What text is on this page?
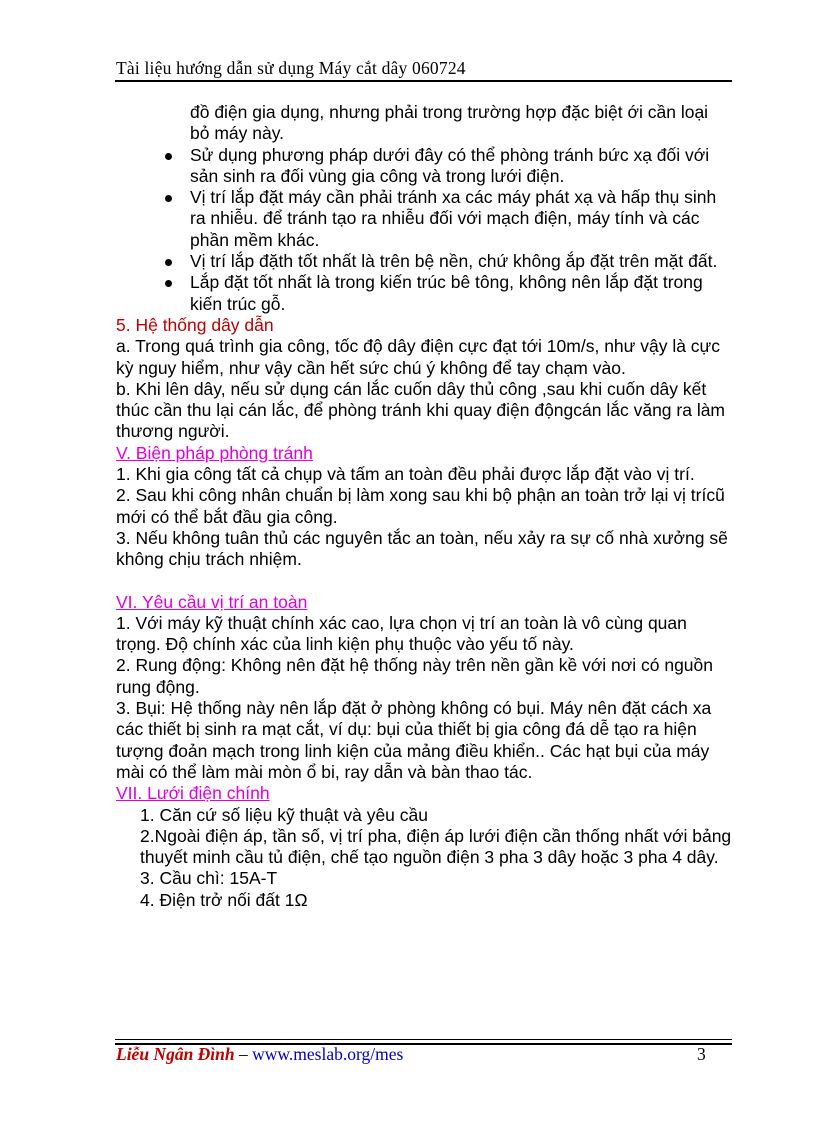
Tài liệu hướng dẫn sử dụng Máy cắt dây 060724

đồ điện gia dụng, nhưng phải trong trường hợp đặc biệt ới cần loại bỏ máy này.

Sử dụng phương pháp dưới đây có thể phòng tránh bức xạ đối với sản sinh ra đối vùng gia công và trong lưới điện.
Vị trí lắp đặt máy cần phải tránh xa các máy phát xạ và hấp thụ sinh ra nhiễu. để tránh tạo ra nhiễu đối với mạch điện, máy tính và các phần mềm khác.
Vị trí lắp đặth tốt nhất là trên bệ nền, chứ không ắp đặt trên mặt đất.
Lắp đặt tốt nhất là trong kiến trúc bê tông, không nên lắp đặt trong kiến trúc gỗ.

5. Hệ thống dây dẫn

a. Trong quá trình gia công, tốc độ dây điện cực đạt tới 10m/s, như vậy là cực kỳ nguy hiểm, như vậy cần hết sức chú ý không để tay chạm vào.

b. Khi lên dây, nếu sử dụng cán lắc cuốn dây thủ công ,sau khi cuốn dây kết thúc cần thu lại cán lắc, để phòng tránh khi quay điện độngcán lắc văng ra làm thương người.

V. Biện pháp phòng tránh

1. Khi gia công tất cả chụp và tấm an toàn đều phải được lắp đặt vào vị trí.

2. Sau khi công nhân chuẩn bị làm xong sau khi bộ phận an toàn trở lại vị trícũ mới có thể bắt đầu gia công.

3. Nếu không tuân thủ các nguyên tắc an toàn, nếu xảy ra sự cố nhà xưởng sẽ không chịu trách nhiệm.

VI. Yêu cầu vị trí an toàn

1. Với máy kỹ thuật chính xác cao, lựa chọn vị trí an toàn là vô cùng quan trọng. Độ chính xác của linh kiện phụ thuộc vào yếu tố này.

2. Rung động: Không nên đặt hệ thống này trên nền gần kề với nơi có nguồn rung động.

3. Bụi: Hệ thống này nên lắp đặt ở phòng không có bụi. Máy nên đặt cách xa các thiết bị sinh ra mạt cắt, ví dụ: bụi của thiết bị gia công đá dễ tạo ra hiện tượng đoản mạch trong linh kiện của mảng điều khiển.. Các hạt bụi của máy

mài có thể làm mài mòn ổ bi, ray dẫn và bàn thao tác.

VII. Lưới điện chính

1. Căn cứ số liệu kỹ thuật và yêu cầu

2.Ngoài điện áp, tần số, vị trí pha, điện áp lưới điện cần thống nhất với bảng thuyết minh cầu tủ điện, chế tạo nguồn điện 3 pha 3 dây hoặc 3 pha 4 dây.

3. Cầu chì: 15A-T

4. Điện trở nối đất 1Ω

Liễu Ngân Đình – www.meslab.org/mes	3
